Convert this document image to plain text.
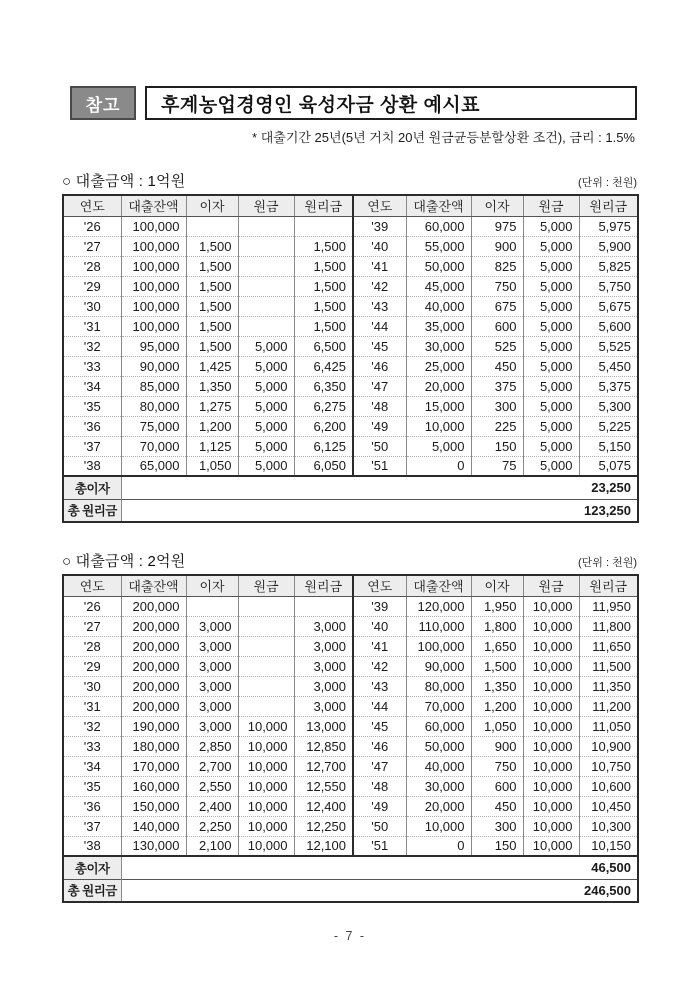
참고	후계농업경영인 육성자금 상환 예시표
* 대출기간 25년(5년 거치 20년 원금균등분할상환 조건), 금리 : 1.5%
○ 대출금액 : 1억원	(단위 : 천원)
연도	대출잔액	이자	원금	원리금	연도	대출잔액	이자	원금	원리금
'26	100,000				'39	60,000	975	5,000	5,975
'27	100,000	1,500		1,500	'40	55,000	900	5,000	5,900
'28	100,000	1,500		1,500	'41	50,000	825	5,000	5,825
'29	100,000	1,500		1,500	'42	45,000	750	5,000	5,750
'30	100,000	1,500		1,500	'43	40,000	675	5,000	5,675
'31	100,000	1,500		1,500	'44	35,000	600	5,000	5,600
'32	95,000	1,500	5,000	6,500	'45	30,000	525	5,000	5,525
'33	90,000	1,425	5,000	6,425	'46	25,000	450	5,000	5,450
'34	85,000	1,350	5,000	6,350	'47	20,000	375	5,000	5,375
'35	80,000	1,275	5,000	6,275	'48	15,000	300	5,000	5,300
'36	75,000	1,200	5,000	6,200	'49	10,000	225	5,000	5,225
'37	70,000	1,125	5,000	6,125	'50	5,000	150	5,000	5,150
'38	65,000	1,050	5,000	6,050	'51	0	75	5,000	5,075
총이자	23,250								
총 원리금	123,250								
○ 대출금액 : 2억원	(단위 : 천원)
연도	대출잔액	이자	원금	원리금	연도	대출잔액	이자	원금	원리금
'26	200,000				'39	120,000	1,950	10,000	11,950
'27	200,000	3,000		3,000	'40	110,000	1,800	10,000	11,800
'28	200,000	3,000		3,000	'41	100,000	1,650	10,000	11,650
'29	200,000	3,000		3,000	'42	90,000	1,500	10,000	11,500
'30	200,000	3,000		3,000	'43	80,000	1,350	10,000	11,350
'31	200,000	3,000		3,000	'44	70,000	1,200	10,000	11,200
'32	190,000	3,000	10,000	13,000	'45	60,000	1,050	10,000	11,050
'33	180,000	2,850	10,000	12,850	'46	50,000	900	10,000	10,900
'34	170,000	2,700	10,000	12,700	'47	40,000	750	10,000	10,750
'35	160,000	2,550	10,000	12,550	'48	30,000	600	10,000	10,600
'36	150,000	2,400	10,000	12,400	'49	20,000	450	10,000	10,450
'37	140,000	2,250	10,000	12,250	'50	10,000	300	10,000	10,300
'38	130,000	2,100	10,000	12,100	'51	0	150	10,000	10,150
총이자	46,500								
총 원리금	246,500								
- 7 -
